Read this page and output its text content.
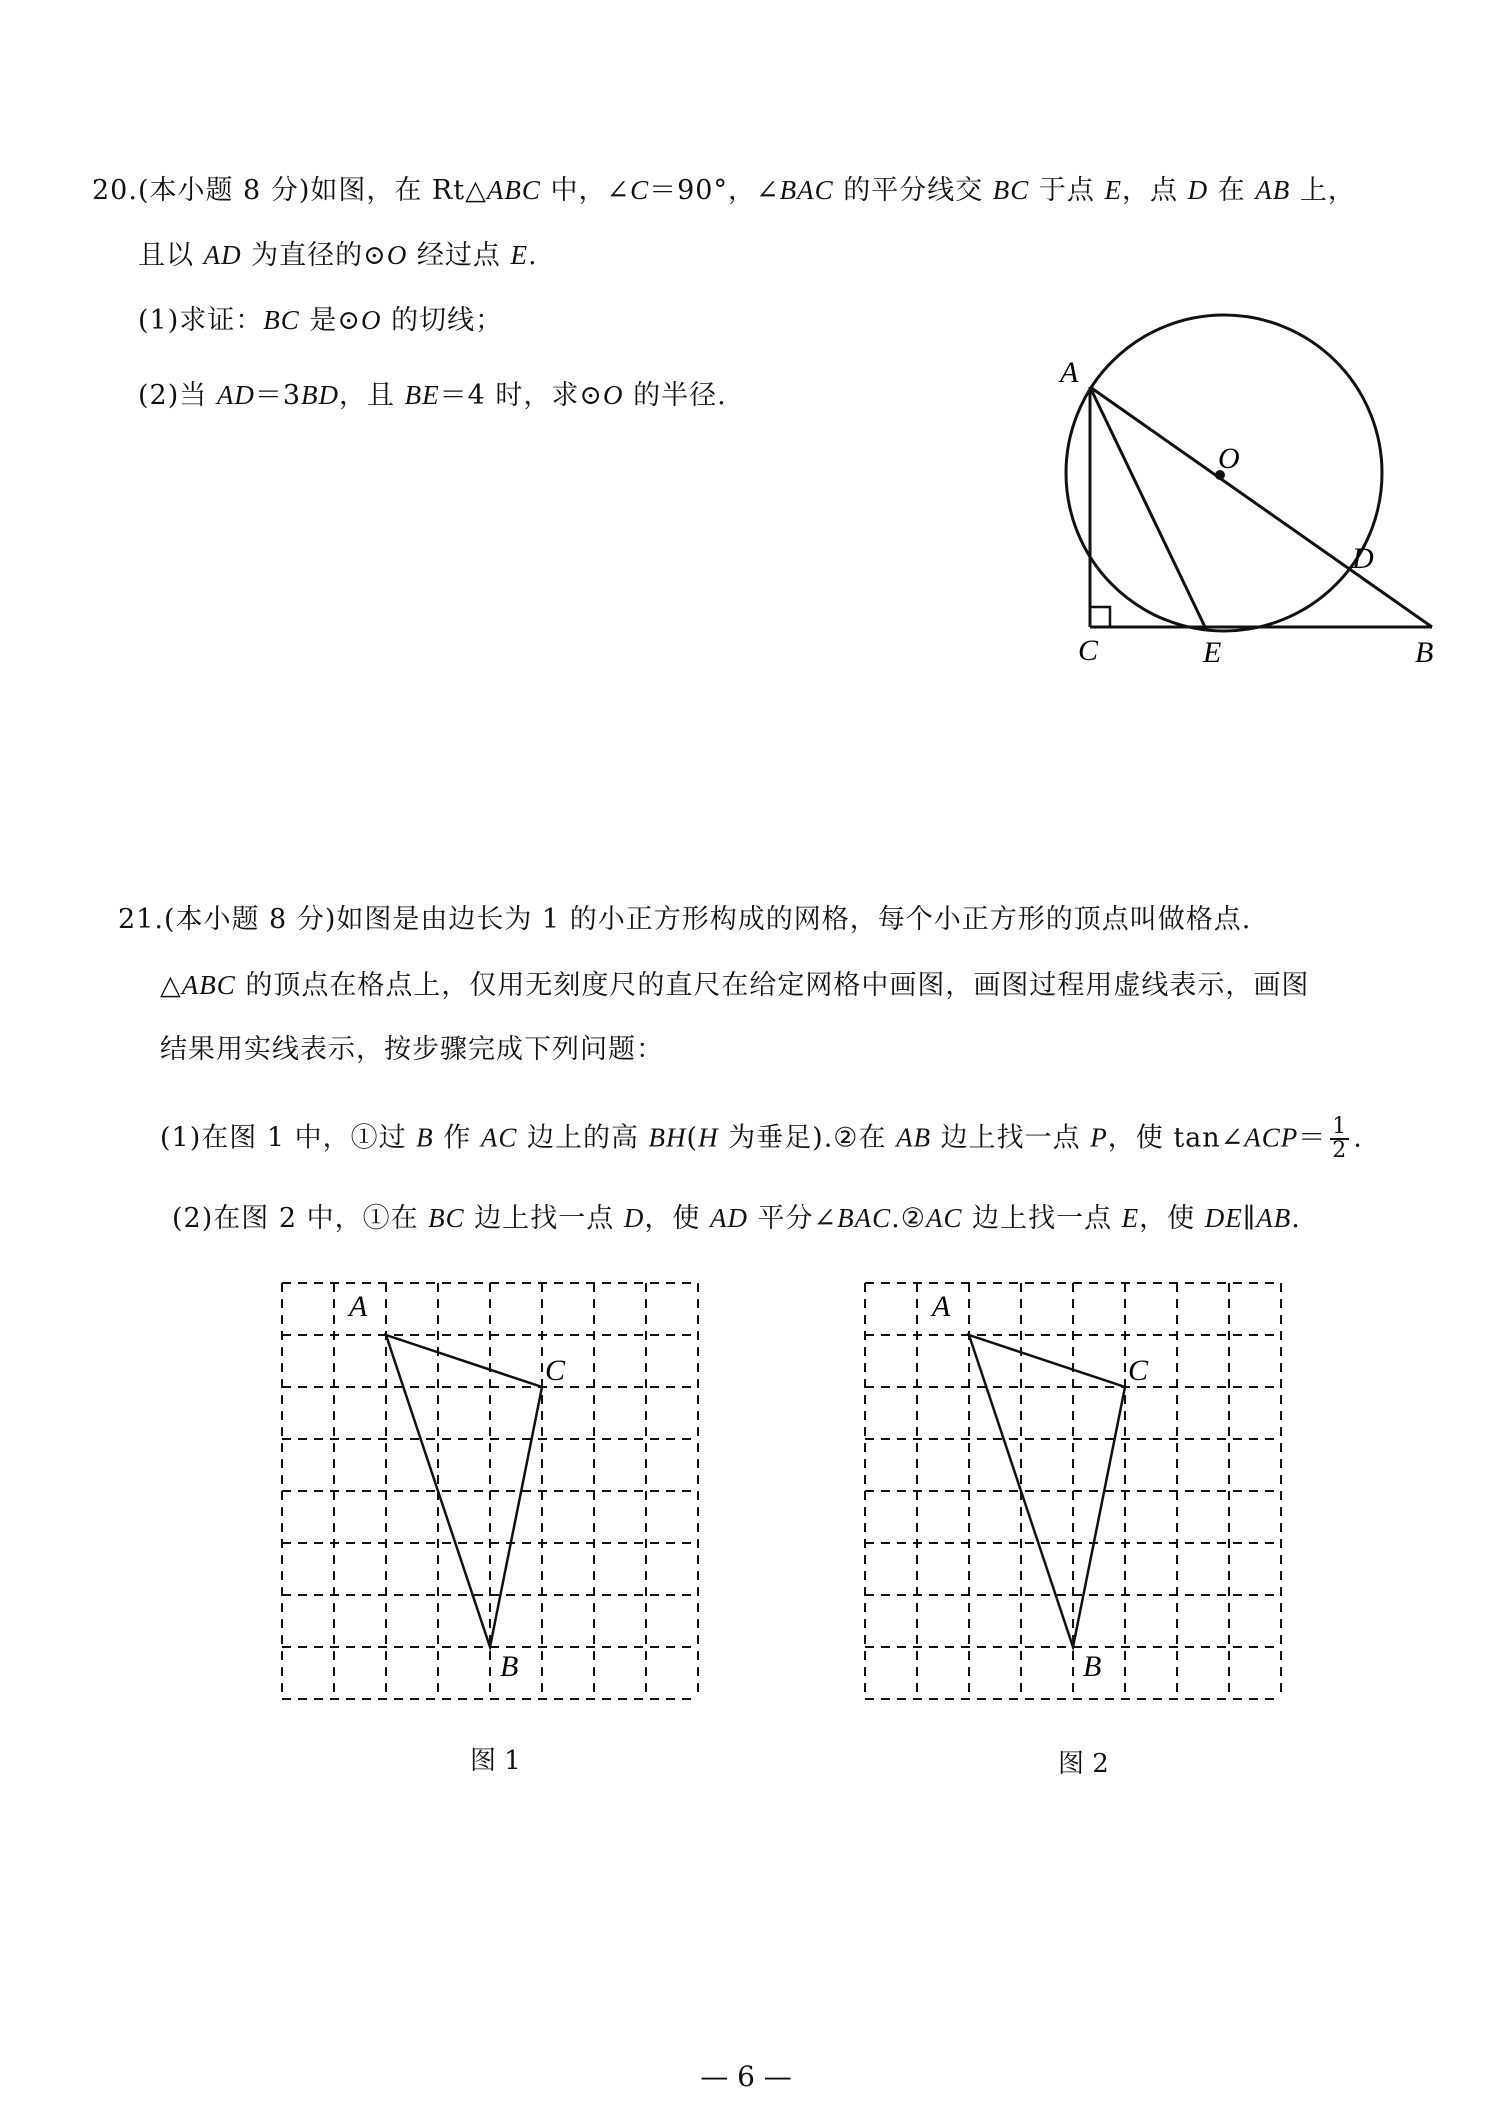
20.(本小题 8 分)如图，在 Rt△ABC 中，∠C＝90°，∠BAC 的平分线交 BC 于点 E，点 D 在 AB 上，
且以 AD 为直径的⊙O 经过点 E.
(1)求证：BC 是⊙O 的切线；
(2)当 AD＝3BD，且 BE＝4 时，求⊙O 的半径.
A
O
D
C	E	B
21.(本小题 8 分)如图是由边长为 1 的小正方形构成的网格，每个小正方形的顶点叫做格点.
△ABC 的顶点在格点上，仅用无刻度尺的直尺在给定网格中画图，画图过程用虚线表示，画图
结果用实线表示，按步骤完成下列问题：
(1)在图 1 中，①过 B 作 AC 边上的高 BH(H 为垂足).②在 AB 边上找一点 P，使 tan∠ACP＝ $\frac{1}{2}$ .
(2)在图 2 中，①在 BC 边上找一点 D，使 AD 平分∠BAC.②AC 边上找一点 E，使 DE∥AB.
A
C
B
图 1
A
C
B
图 2
— 6 —
